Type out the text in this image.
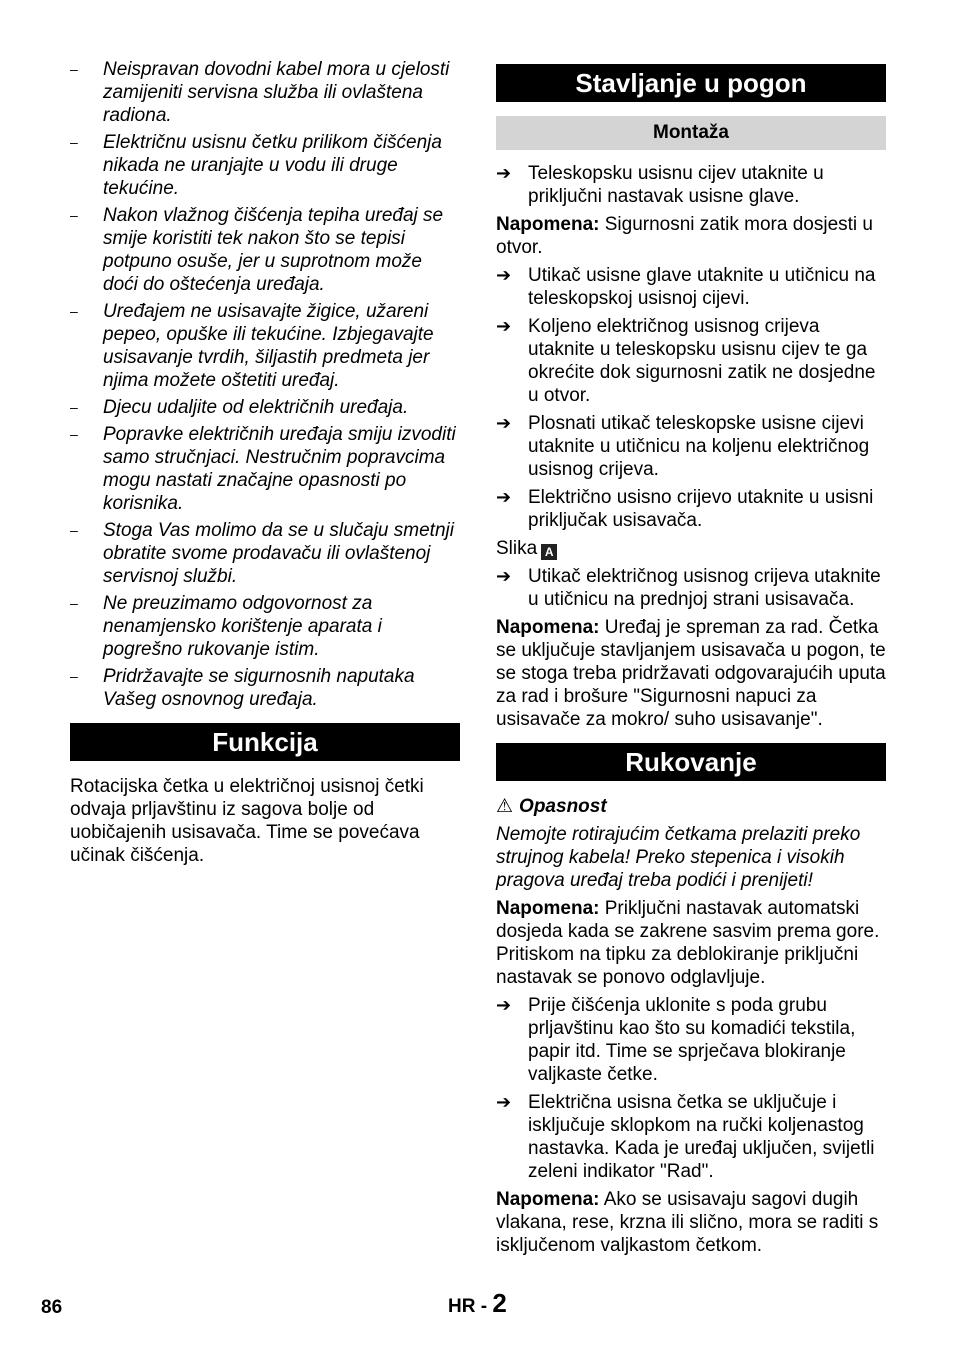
– Neispravan dovodni kabel mora u cjelosti zamijeniti servisna služba ili ovlaštena radiona.
– Električnu usisnu četku prilikom čišćenja nikada ne uranjajte u vodu ili druge tekućine.
– Nakon vlažnog čišćenja tepiha uređaj se smije koristiti tek nakon što se tepisi potpuno osuše, jer u suprotnom može doći do oštećenja uređaja.
– Uređajem ne usisavajte žigice, užareni pepeo, opuške ili tekućine. Izbjegavajte usisavanje tvrdih, šiljastih predmeta jer njima možete oštetiti uređaj.
– Djecu udaljite od električnih uređaja.
– Popravke električnih uređaja smiju izvoditi samo stručnjaci. Nestručnim popravcima mogu nastati značajne opasnosti po korisnika.
– Stoga Vas molimo da se u slučaju smetnji obratite svome prodavaču ili ovlaštenoj servisnoj službi.
– Ne preuzimamo odgovornost za nenamjensko korištenje aparata i pogrešno rukovanje istim.
– Pridržavajte se sigurnosnih naputaka Vašeg osnovnog uređaja.
Funkcija

Rotacijska četka u električnoj usisnoj četki odvaja prljavštinu iz sagova bolje od uobičajenih usisavača. Time se povećava učinak čišćenja.

Stavljanje u pogon
Montaža
➔ Teleskopsku usisnu cijev utaknite u priključni nastavak usisne glave.

Napomena: Sigurnosni zatik mora dosjesti u otvor.

➔ Utikač usisne glave utaknite u utičnicu na teleskopskoj usisnoj cijevi.
➔ Koljeno električnog usisnog crijeva utaknite u teleskopsku usisnu cijev te ga okrećite dok sigurnosni zatik ne dosjedne u otvor.
➔ Plosnati utikač teleskopske usisne cijevi utaknite u utičnicu na koljenu električnog usisnog crijeva.
➔ Električno usisno crijevo utaknite u usisni priključak usisavača.

Slika A

➔ Utikač električnog usisnog crijeva utaknite u utičnicu na prednjoj strani usisavača.

Napomena: Uređaj je spreman za rad. Četka se uključuje stavljanjem usisavača u pogon, te se stoga treba pridržavati odgovarajućih uputa za rad i brošure "Sigurnosni napuci za usisavače za mokro/ suho usisavanje".

Rukovanje

⚠ Opasnost

Nemojte rotirajućim četkama prelaziti preko strujnog kabela! Preko stepenica i visokih pragova uređaj treba podići i prenijeti!

Napomena: Priključni nastavak automatski dosjeda kada se zakrene sasvim prema gore. Pritiskom na tipku za deblokiranje priključni nastavak se ponovo odglavljuje.

➔ Prije čišćenja uklonite s poda grubu prljavštinu kao što su komadići tekstila, papir itd. Time se sprječava blokiranje valjkaste četke.
➔ Električna usisna četka se uključuje i isključuje sklopkom na ručki koljenastog nastavka. Kada je uređaj uključen, svijetli zeleni indikator "Rad".

Napomena: Ako se usisavaju sagovi dugih vlakana, rese, krzna ili slično, mora se raditi s isključenom valjkastom četkom.

86	HR - 2
